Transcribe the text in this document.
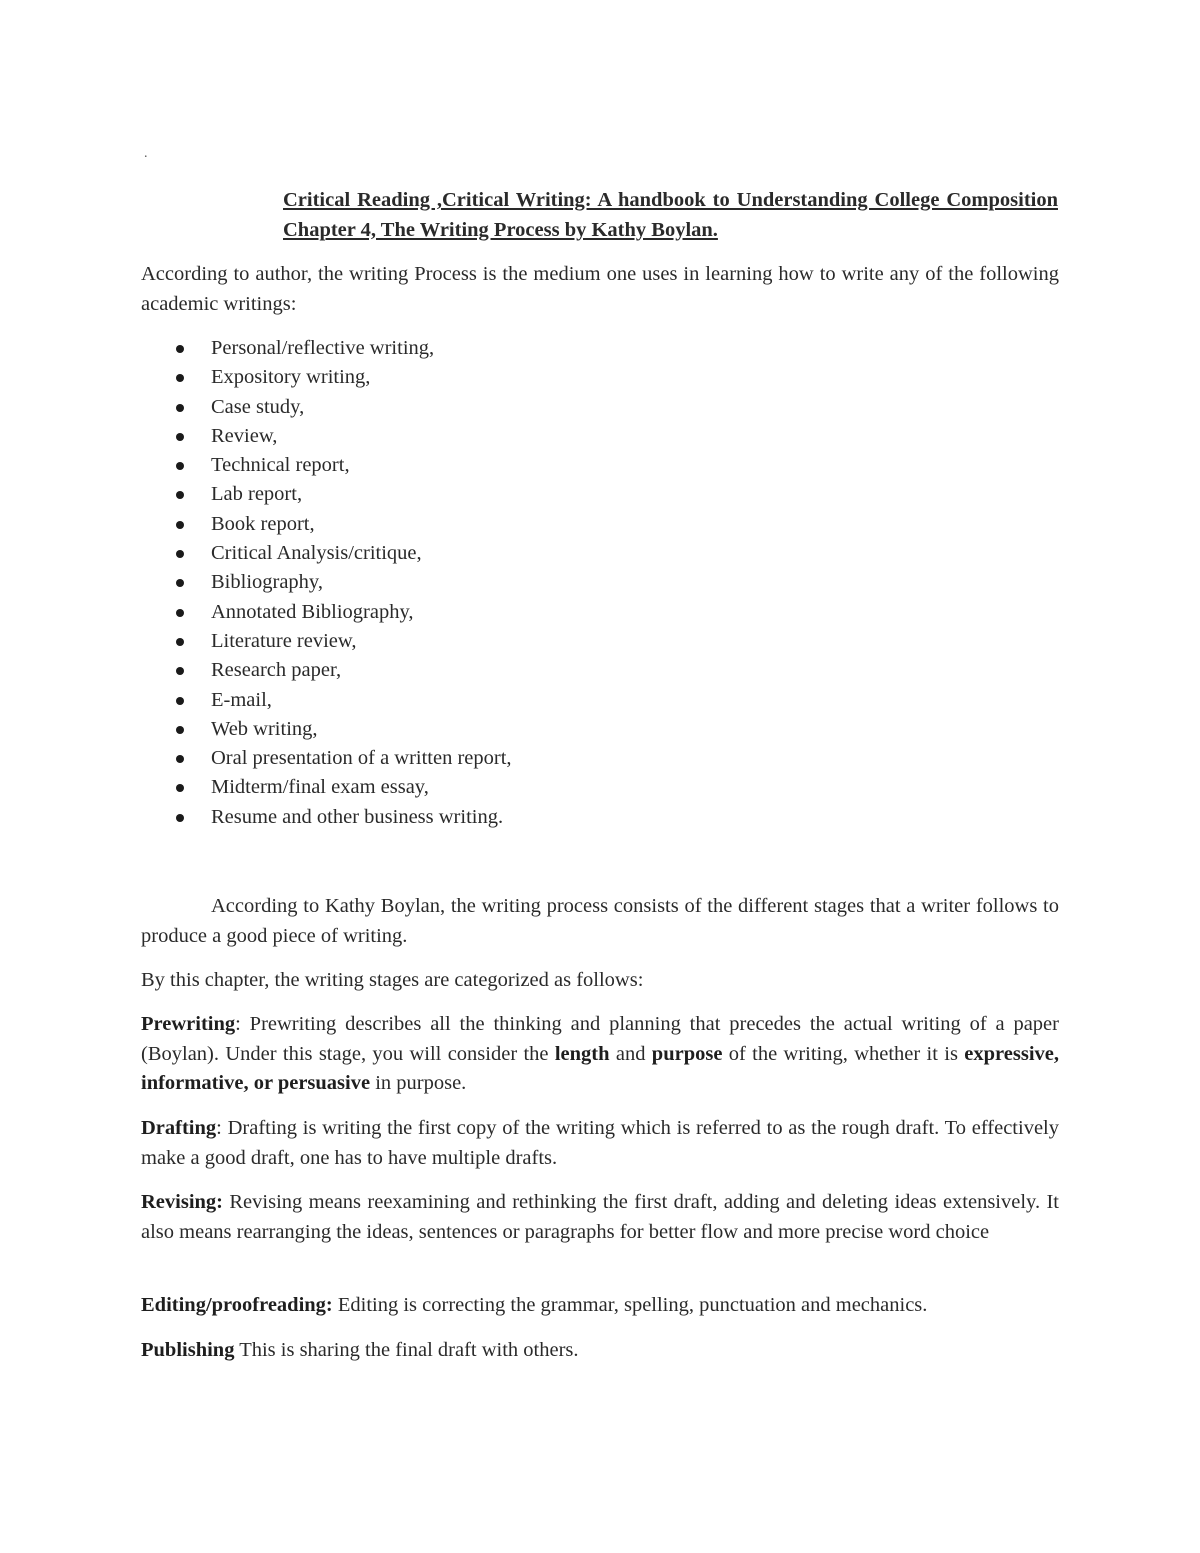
.
Critical Reading ,Critical Writing: A handbook to Understanding College Composition Chapter 4, The Writing Process by Kathy Boylan.
According to author, the writing Process is the medium one uses in learning how to write any of the following academic writings:
Personal/reflective writing,
Expository writing,
Case study,
Review,
Technical report,
Lab report,
Book report,
Critical Analysis/critique,
Bibliography,
Annotated Bibliography,
Literature review,
Research paper,
E-mail,
Web writing,
Oral presentation of a written report,
Midterm/final exam essay,
Resume and other business writing.
According to Kathy Boylan, the writing process consists of the different stages that a writer follows to produce a good piece of writing.
By this chapter, the writing stages are categorized as follows:
Prewriting: Prewriting describes all the thinking and planning that precedes the actual writing of a paper (Boylan). Under this stage, you will consider the length and purpose of the writing, whether it is expressive, informative, or persuasive in purpose.
Drafting: Drafting is writing the first copy of the writing which is referred to as the rough draft. To effectively make a good draft, one has to have multiple drafts.
Revising: Revising means reexamining and rethinking the first draft, adding and deleting ideas extensively. It also means rearranging the ideas, sentences or paragraphs for better flow and more precise word choice
Editing/proofreading: Editing is correcting the grammar, spelling, punctuation and mechanics.
Publishing This is sharing the final draft with others.
